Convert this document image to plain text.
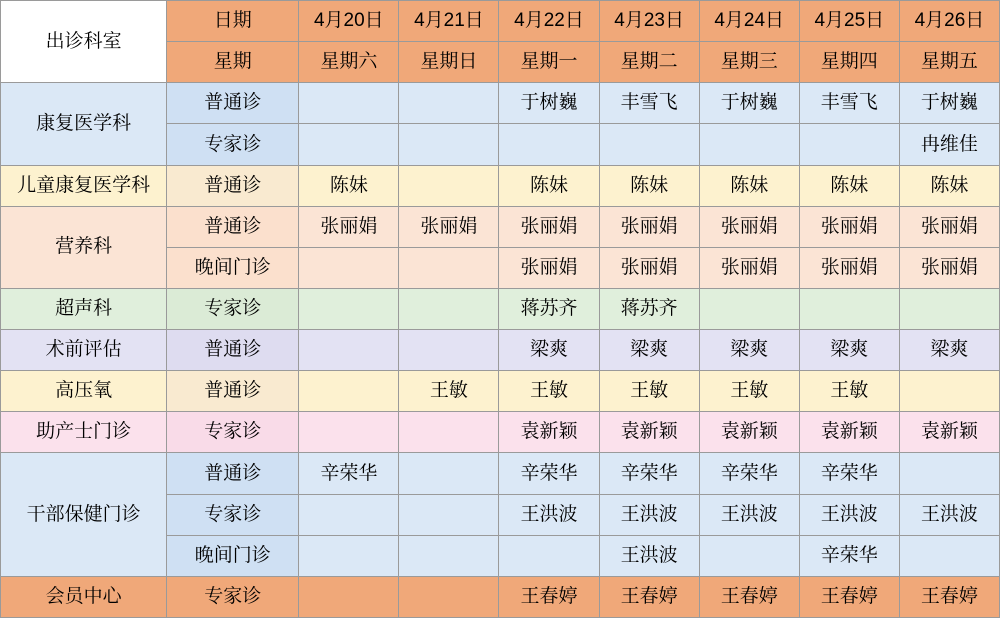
出诊科室	日期	4月20日	4月21日	4月22日	4月23日	4月24日	4月25日	4月26日
	星期	星期六	星期日	星期一	星期二	星期三	星期四	星期五
康复医学科	普通诊			于树巍	丰雪飞	于树巍	丰雪飞	于树巍
	专家诊							冉维佳
儿童康复医学科	普通诊	陈妹		陈妹	陈妹	陈妹	陈妹	陈妹
营养科	普通诊	张丽娟	张丽娟	张丽娟	张丽娟	张丽娟	张丽娟	张丽娟
	晚间门诊			张丽娟	张丽娟	张丽娟	张丽娟	张丽娟
超声科	专家诊			蒋苏齐	蒋苏齐			
术前评估	普通诊			梁爽	梁爽	梁爽	梁爽	梁爽
高压氧	普通诊		王敏	王敏	王敏	王敏	王敏	
助产士门诊	专家诊			袁新颖	袁新颖	袁新颖	袁新颖	袁新颖
干部保健门诊	普通诊	辛荣华		辛荣华	辛荣华	辛荣华	辛荣华	
	专家诊			王洪波	王洪波	王洪波	王洪波	王洪波
	晚间门诊				王洪波		辛荣华	
会员中心	专家诊			王春婷	王春婷	王春婷	王春婷	王春婷
